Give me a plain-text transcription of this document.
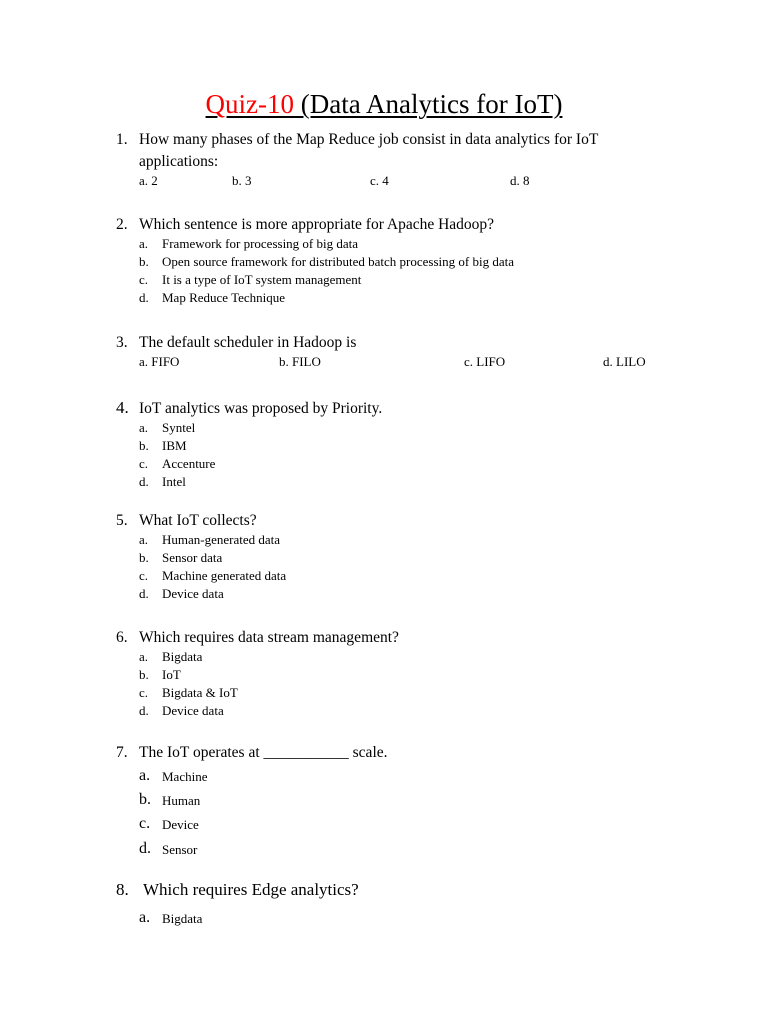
Quiz-10 (Data Analytics for IoT)
1. How many phases of the Map Reduce job consist in data analytics for IoT
applications:
a. 2	b. 3	c. 4	d. 8
2. Which sentence is more appropriate for Apache Hadoop?
a. Framework for processing of big data
b. Open source framework for distributed batch processing of big data
c. It is a type of IoT system management
d. Map Reduce Technique
3. The default scheduler in Hadoop is
a. FIFO	b. FILO	c. LIFO	d. LILO
4. IoT analytics was proposed by Priority.
a. Syntel
b. IBM
c. Accenture
d. Intel
5. What IoT collects?
a. Human-generated data
b. Sensor data
c. Machine generated data
d. Device data
6. Which requires data stream management?
a. Bigdata
b. IoT
c. Bigdata & IoT
d. Device data
7. The IoT operates at ___________ scale.
a. Machine
b. Human
c. Device
d. Sensor
8. Which requires Edge analytics?
a. Bigdata
